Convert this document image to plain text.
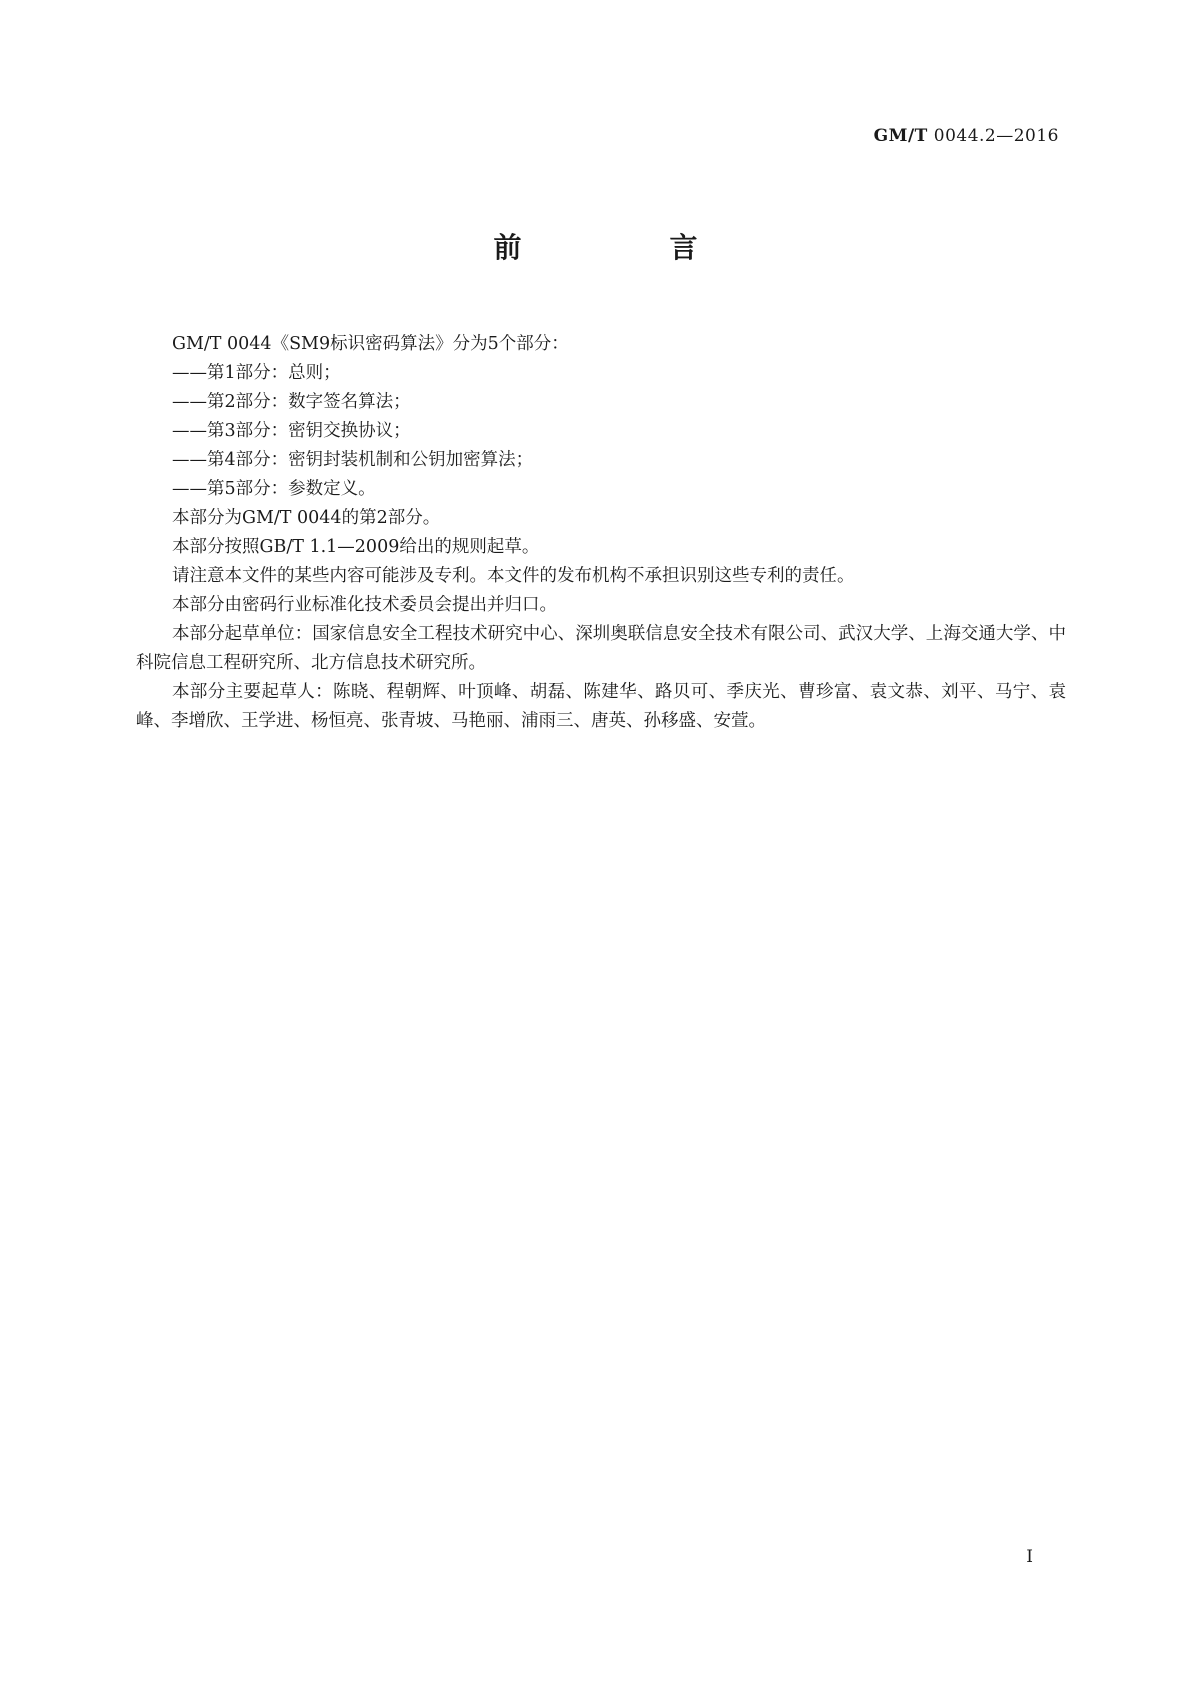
GM/T 0044.2—2016
前　言

GM/T 0044《SM9标识密码算法》分为5个部分：

——第1部分：总则；

——第2部分：数字签名算法；

——第3部分：密钥交换协议；

——第4部分：密钥封装机制和公钥加密算法；

——第5部分：参数定义。

本部分为GM/T 0044的第2部分。

本部分按照GB/T 1.1—2009给出的规则起草。

请注意本文件的某些内容可能涉及专利。本文件的发布机构不承担识别这些专利的责任。

本部分由密码行业标准化技术委员会提出并归口。

本部分起草单位：国家信息安全工程技术研究中心、深圳奥联信息安全技术有限公司、武汉大学、上海交通大学、中科院信息工程研究所、北方信息技术研究所。

本部分主要起草人：陈晓、程朝辉、叶顶峰、胡磊、陈建华、路贝可、季庆光、曹珍富、袁文恭、刘平、马宁、袁峰、李增欣、王学进、杨恒亮、张青坡、马艳丽、浦雨三、唐英、孙移盛、安萱。

I
